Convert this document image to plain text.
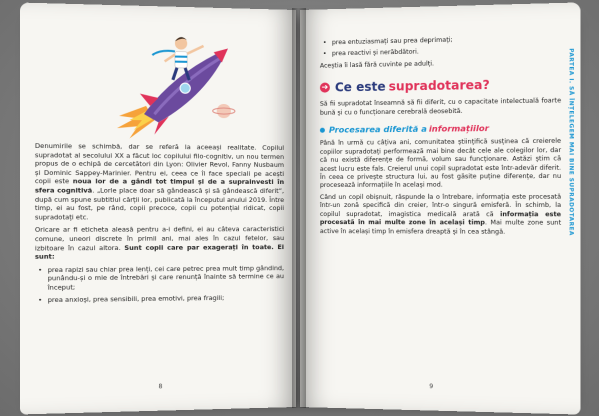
Denumirile se schimbă, dar se referă la aceeași realitate. Copilul supradotat al secolului XX a făcut loc copilului filo-cognitiv, un nou termen propus de o echipă de cercetători din Lyon: Olivier Revol, Fanny Nusbaum și Dominic Sappey-Marinier. Pentru ei, ceea ce îi face speciali pe acești copii este noua lor de a gândi tot timpul și de a suprainvesti în sfera cognitivă. „Lorle place doar să gândească și să gândească diferit”, după cum spune subtitlul cărții lor, publicată la începutul anului 2019. Între timp, ei au fost, pe rând, copii precoce, copii cu potențial ridicat, copii supradotați etc.

Oricare ar fi eticheta aleasă pentru a-i defini, ei au câteva caracteristici comune, uneori discrete în primii ani, mai ales în cazul fetelor, sau izbitoare în cazul altora. Sunt copii care par exagerați în toate. Ei sunt:

• prea rapizi sau chiar prea lenți, cei care petrec prea mult timp gândind, punându-și o mie de întrebări și care renunță înainte să termine ce au început;
• prea anxioși, prea sensibili, prea emotivi, prea fragili;
8
PARTEA I. SĂ ÎNȚELEGEM MAI BINE SUPRADOTAREA
• prea entuziasmați sau prea deprimați;
• prea reactivi și nerăbdători.

Aceștia îi lasă fără cuvinte pe adulți.

➜ Ce este supradotarea?

Să fii supradotat înseamnă să fii diferit, cu o capacitate intelectuală foarte bună și cu o funcționare cerebrală deosebită.

Procesarea diferită a informațiilor

Până în urmă cu câțiva ani, comunitatea științifică susținea că creierele copiilor supradotați performează mai bine decât cele ale colegilor lor, dar că nu există diferențe de formă, volum sau funcționare. Astăzi știm că acest lucru este fals. Creierul unui copil supradotat este într-adevăr diferit. În ceea ce privește structura lui, au fost găsite puține diferențe, dar nu procesează informațiile în același mod.

Când un copil obișnuit, răspunde la o întrebare, informația este procesată într-un zonă specifică din creier, într-o singură emisferă. În schimb, la copilul supradotat, imagistica medicală arată că informația este procesată în mai multe zone în același timp. Mai multe zone sunt active în același timp în emisfera dreaptă și în cea stângă.

9
